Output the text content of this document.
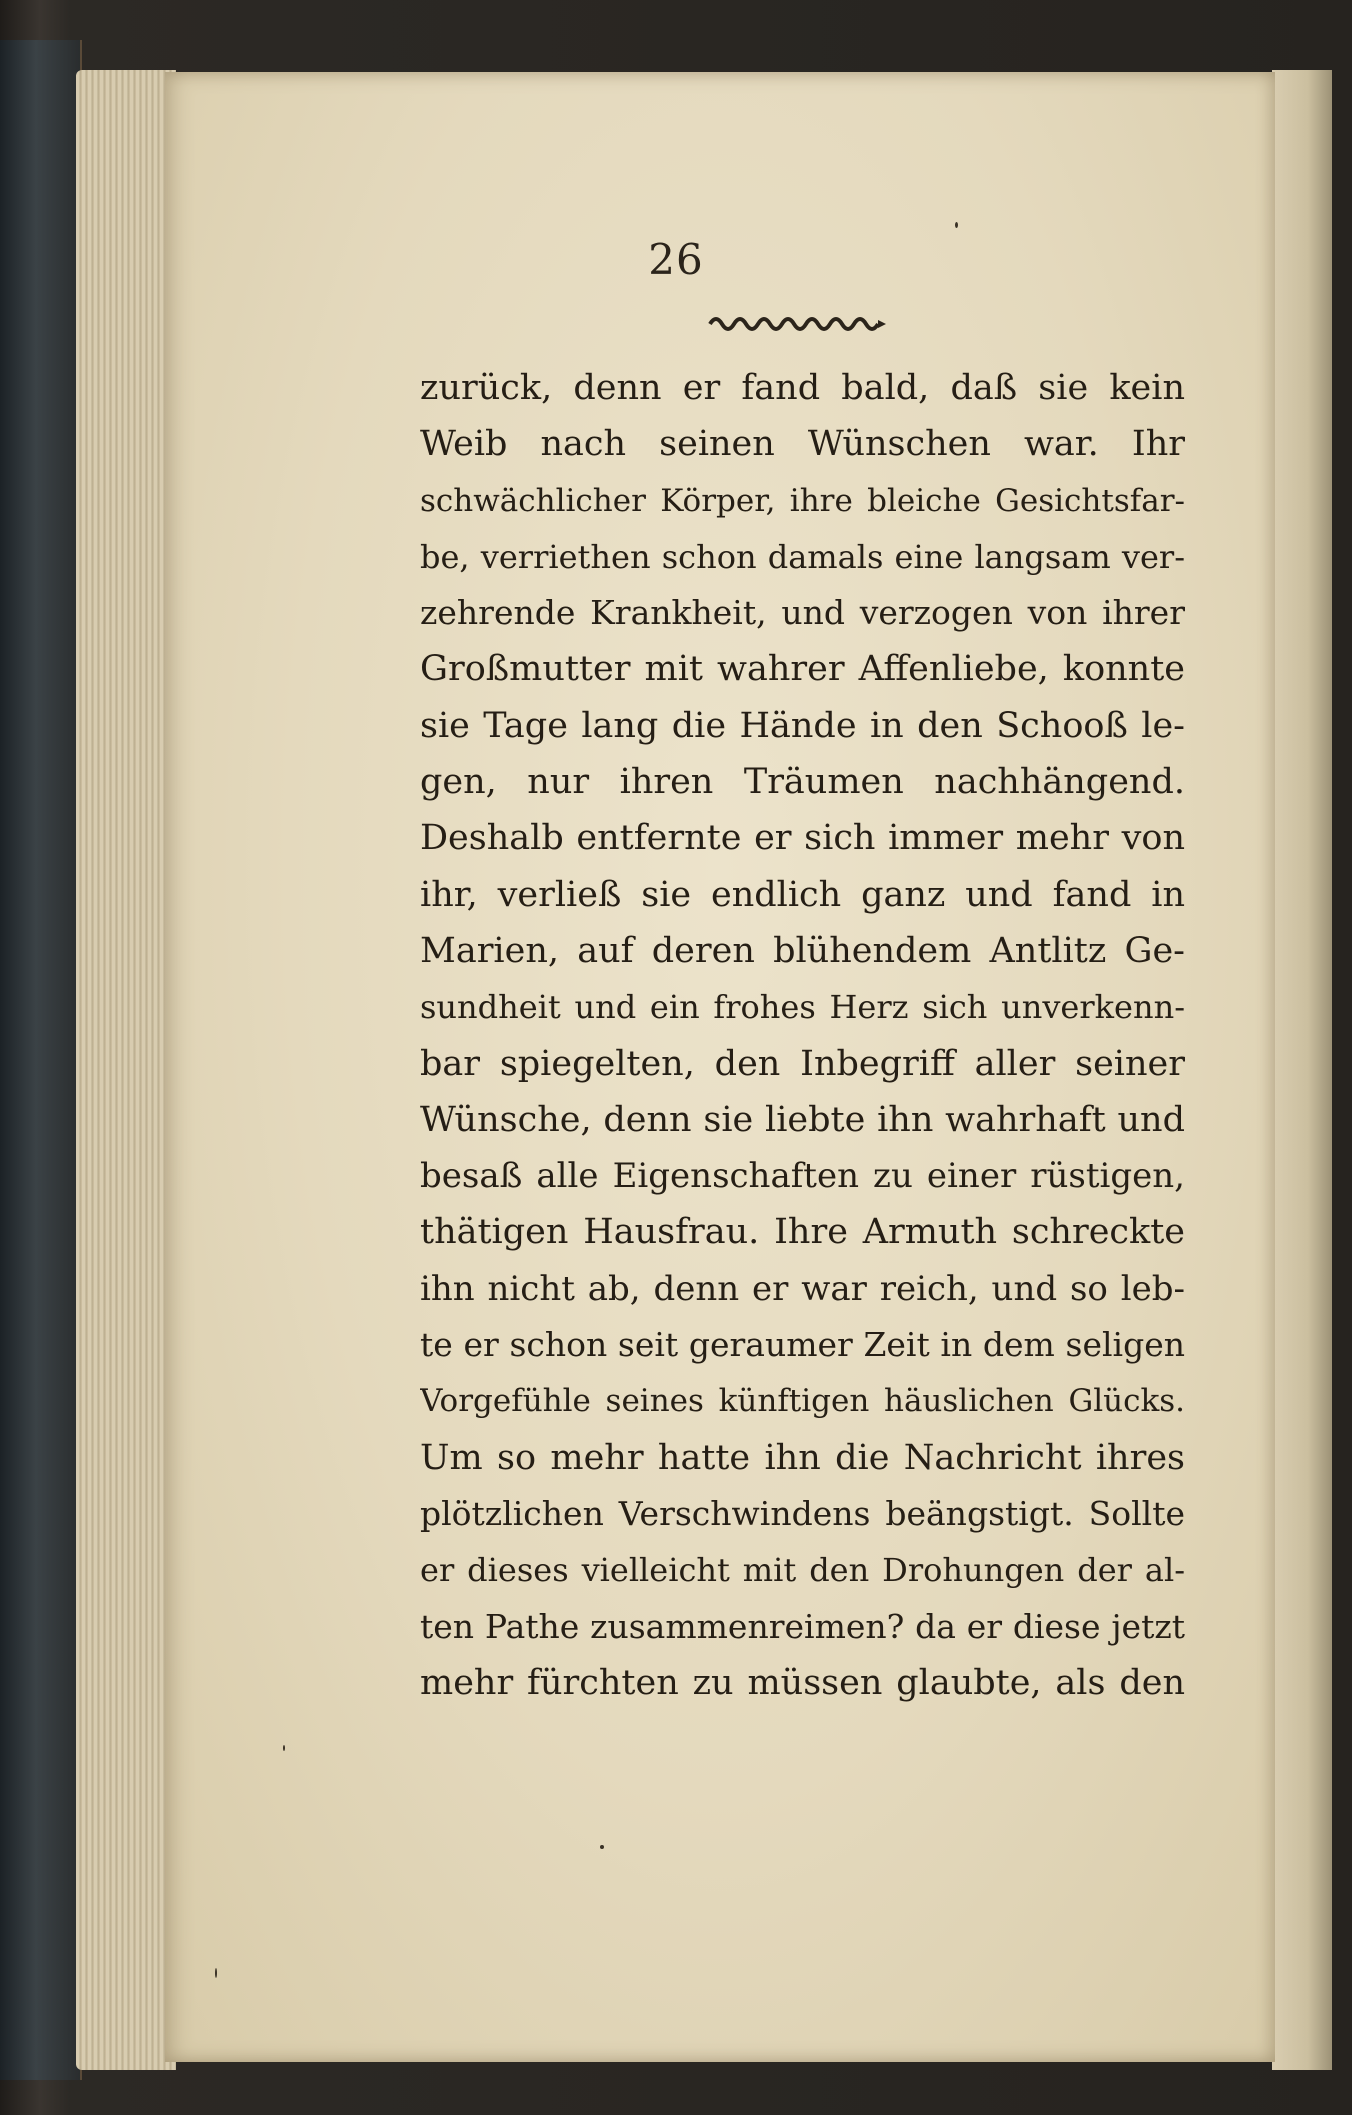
26
zurück, denn er fand bald, daß sie kein
Weib nach seinen Wünschen war. Ihr
schwächlicher Körper, ihre bleiche Gesichtsfar-
be, verriethen schon damals eine langsam ver-
zehrende Krankheit, und verzogen von ihrer
Großmutter mit wahrer Affenliebe, konnte
sie Tage lang die Hände in den Schooß le-
gen, nur ihren Träumen nachhängend.
Deshalb entfernte er sich immer mehr von
ihr, verließ sie endlich ganz und fand in
Marien, auf deren blühendem Antlitz Ge-
sundheit und ein frohes Herz sich unverkenn-
bar spiegelten, den Inbegriff aller seiner
Wünsche, denn sie liebte ihn wahrhaft und
besaß alle Eigenschaften zu einer rüstigen,
thätigen Hausfrau. Ihre Armuth schreckte
ihn nicht ab, denn er war reich, und so leb-
te er schon seit geraumer Zeit in dem seligen
Vorgefühle seines künftigen häuslichen Glücks.
Um so mehr hatte ihn die Nachricht ihres
plötzlichen Verschwindens beängstigt. Sollte
er dieses vielleicht mit den Drohungen der al-
ten Pathe zusammenreimen? da er diese jetzt
mehr fürchten zu müssen glaubte, als den
